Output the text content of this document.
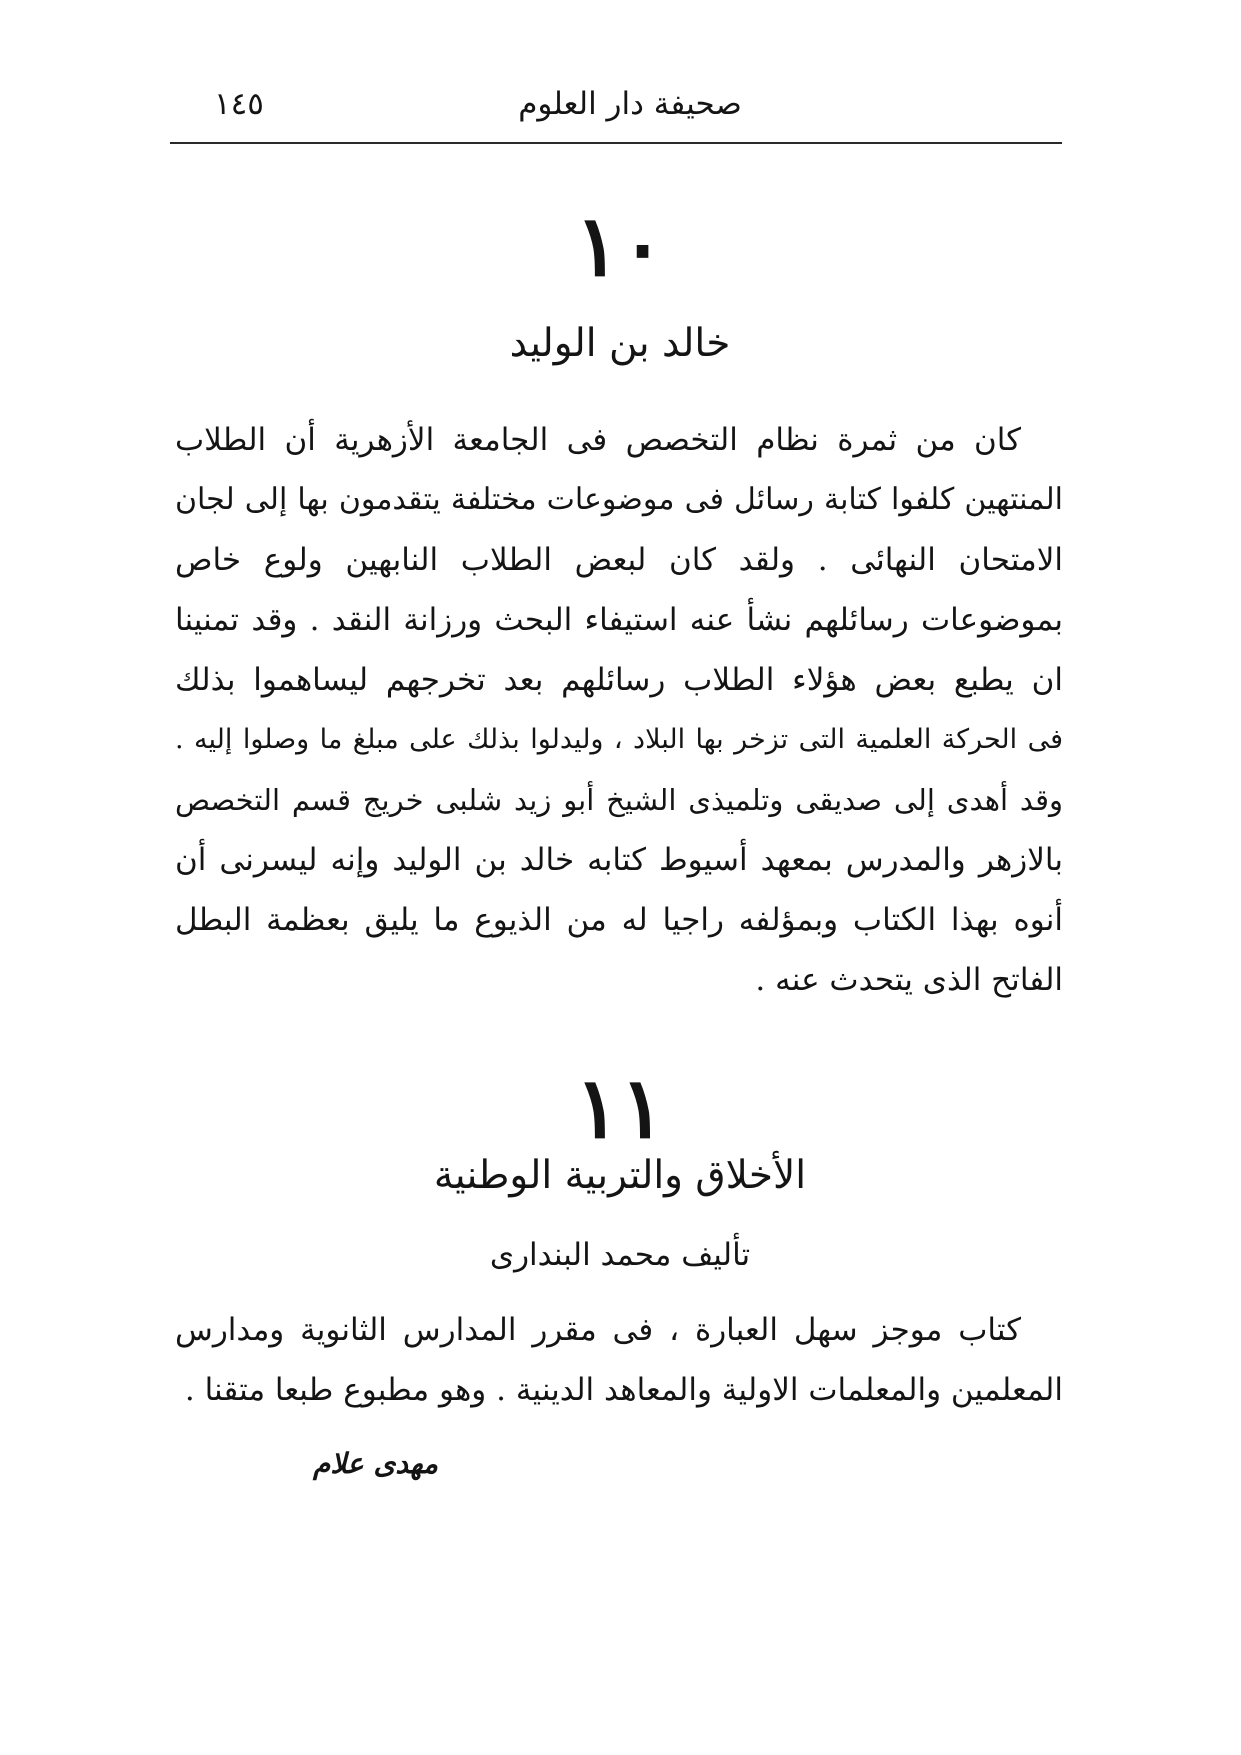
صحيفة دار العلوم
١٤٥
١٠
خالد بن الوليد
كان من ثمرة نظام التخصص فى الجامعة الأزهرية أن الطلاب
المنتهين كلفوا كتابة رسائل فى موضوعات مختلفة يتقدمون بها إلى لجان
الامتحان النهائى . ولقد كان لبعض الطلاب النابهين ولوع خاص
بموضوعات رسائلهم نشأ عنه استيفاء البحث ورزانة النقد . وقد تمنينا
ان يطبع بعض هؤلاء الطلاب رسائلهم بعد تخرجهم ليساهموا بذلك
فى الحركة العلمية التى تزخر بها البلاد ، وليدلوا بذلك على مبلغ ما وصلوا إليه .
وقد أهدى إلى صديقى وتلميذى الشيخ أبو زيد شلبى خريج قسم التخصص
بالازهر والمدرس بمعهد أسيوط كتابه خالد بن الوليد وإنه ليسرنى أن
أنوه بهذا الكتاب وبمؤلفه راجيا له من الذيوع ما يليق بعظمة البطل
الفاتح الذى يتحدث عنه .
١١
الأخلاق والتربية الوطنية
تأليف محمد البندارى
كتاب موجز سهل العبارة ، فى مقرر المدارس الثانوية ومدارس
المعلمين والمعلمات الاولية والمعاهد الدينية . وهو مطبوع طبعا متقنا .
مهدى علام
